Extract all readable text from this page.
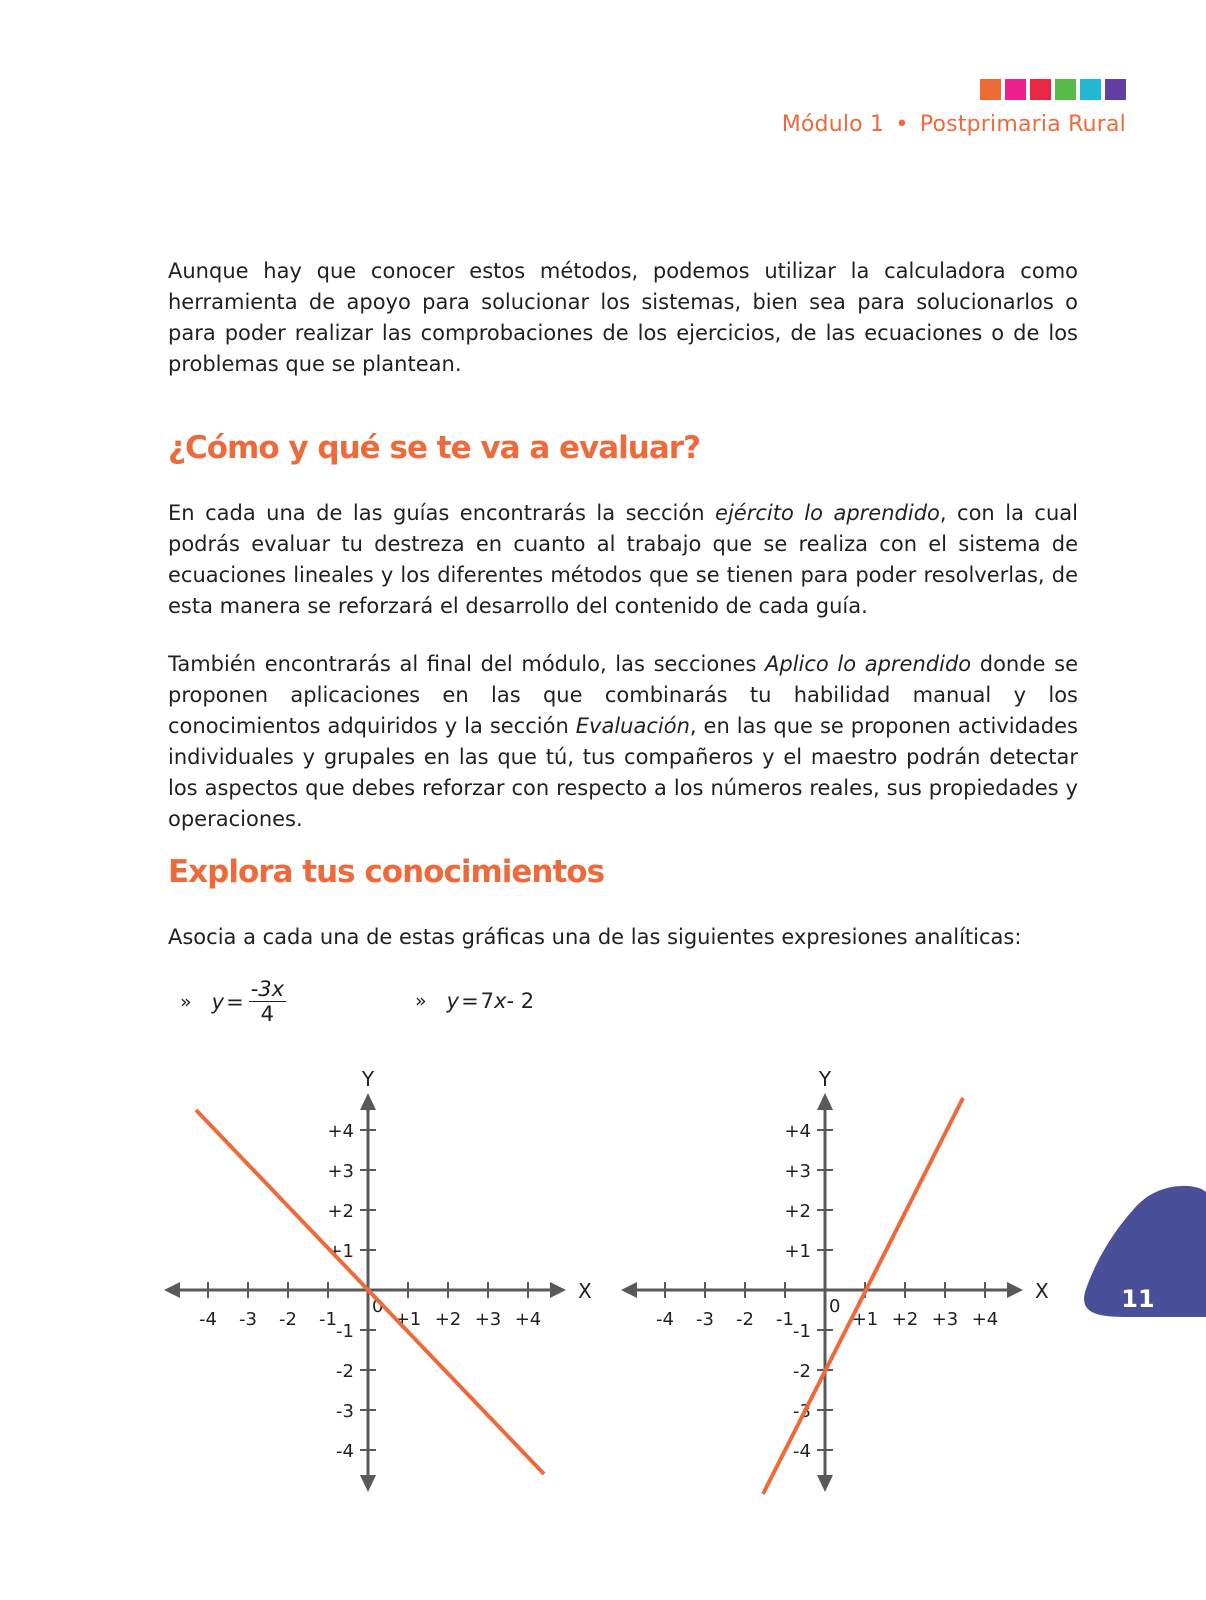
Módulo 1 • Postprimaria Rural

Aunque hay que conocer estos métodos, podemos utilizar la calculadora como herramienta de apoyo para solucionar los sistemas, bien sea para solucionarlos o para poder realizar las comprobaciones de los ejercicios, de las ecuaciones o de los problemas que se plantean.

¿Cómo y qué se te va a evaluar?

En cada una de las guías encontrarás la sección ejército lo aprendido, con la cual podrás evaluar tu destreza en cuanto al trabajo que se realiza con el sistema de ecuaciones lineales y los diferentes métodos que se tienen para poder resolverlas, de esta manera se reforzará el desarrollo del contenido de cada guía.

También encontrarás al final del módulo, las secciones Aplico lo aprendido donde se proponen aplicaciones en las que combinarás tu habilidad manual y los conocimientos adquiridos y la sección Evaluación, en las que se proponen actividades individuales y grupales en las que tú, tus compañeros y el maestro podrán detectar los aspectos que debes reforzar con respecto a los números reales, sus propiedades y operaciones.

Explora tus conocimientos

Asocia a cada una de estas gráficas una de las siguientes expresiones analíticas:

» $y = \frac{-3x}{4}$	» y = 7 x - 2
X
Y
-4 -3 -2 -1	+1 +2 +3 +4
+4
+3
+2
+1
-1
-2
-3
-4
0
X
Y
-4 -3 -2 -1	+1 +2 +3 +4
+4
+3
+2
+1
-1
-2
-3
-4
0	11
